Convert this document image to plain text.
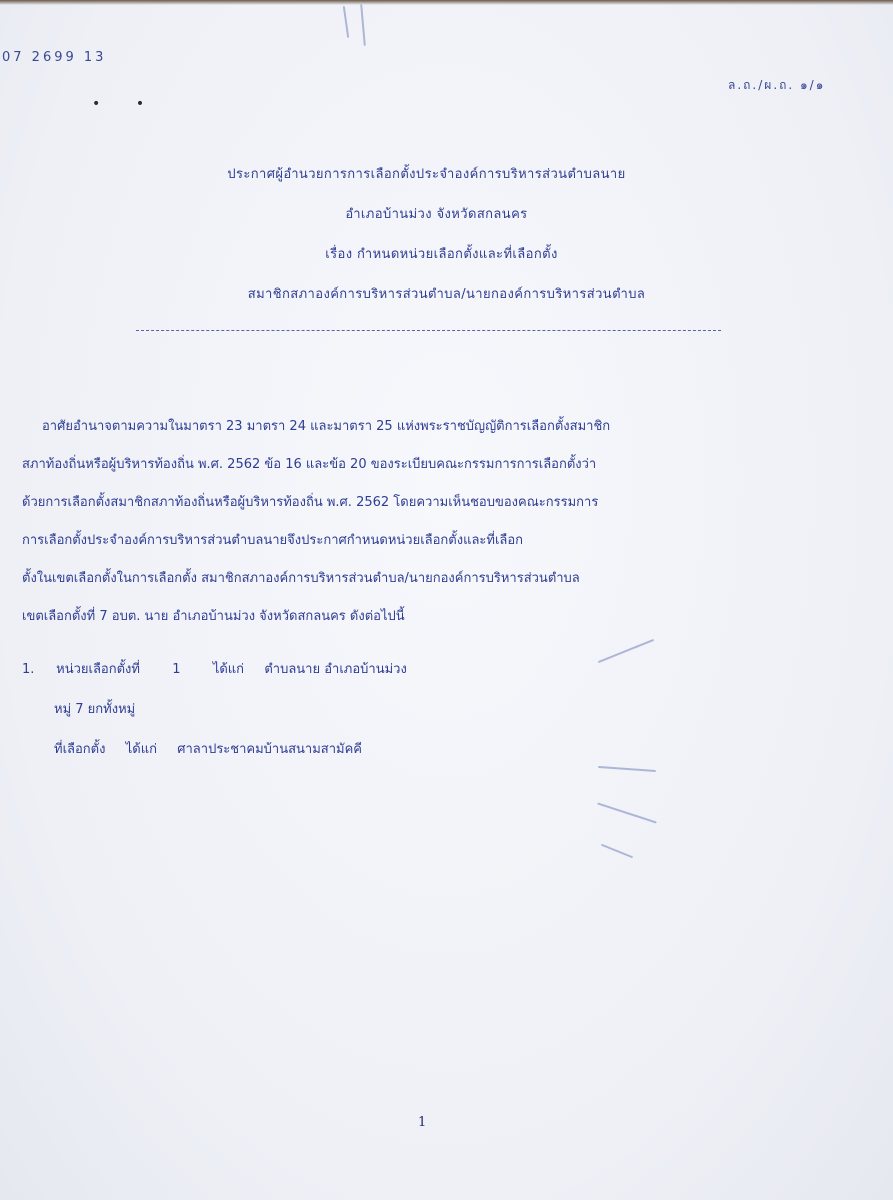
07 2699 13
ล.ถ./ผ.ถ. ๑/๑
•        •
ประกาศผู้อำนวยการการเลือกตั้งประจำองค์การบริหารส่วนตำบลนาย
อำเภอบ้านม่วง จังหวัดสกลนคร
เรื่อง กำหนดหน่วยเลือกตั้งและที่เลือกตั้ง
สมาชิกสภาองค์การบริหารส่วนตำบล/นายกองค์การบริหารส่วนตำบล
อาศัยอำนาจตามความในมาตรา 23 มาตรา 24 และมาตรา 25 แห่งพระราชบัญญัติการเลือกตั้งสมาชิก
สภาท้องถิ่นหรือผู้บริหารท้องถิ่น พ.ศ. 2562 ข้อ 16 และข้อ 20 ของระเบียบคณะกรรมการการเลือกตั้งว่า
ด้วยการเลือกตั้งสมาชิกสภาท้องถิ่นหรือผู้บริหารท้องถิ่น พ.ศ. 2562 โดยความเห็นชอบของคณะกรรมการ
การเลือกตั้งประจำองค์การบริหารส่วนตำบลนายจึงประกาศกำหนดหน่วยเลือกตั้งและที่เลือก
ตั้งในเขตเลือกตั้งในการเลือกตั้ง สมาชิกสภาองค์การบริหารส่วนตำบล/นายกองค์การบริหารส่วนตำบล
เขตเลือกตั้งที่ 7 อบต. นาย อำเภอบ้านม่วง จังหวัดสกลนคร ดังต่อไปนี้
1. หน่วยเลือกตั้งที่ 1 ได้แก่ ตำบลนาย อำเภอบ้านม่วง
หมู่ 7 ยกทั้งหมู่
ที่เลือกตั้ง ได้แก่ ศาลาประชาคมบ้านสนามสามัคคี
1
